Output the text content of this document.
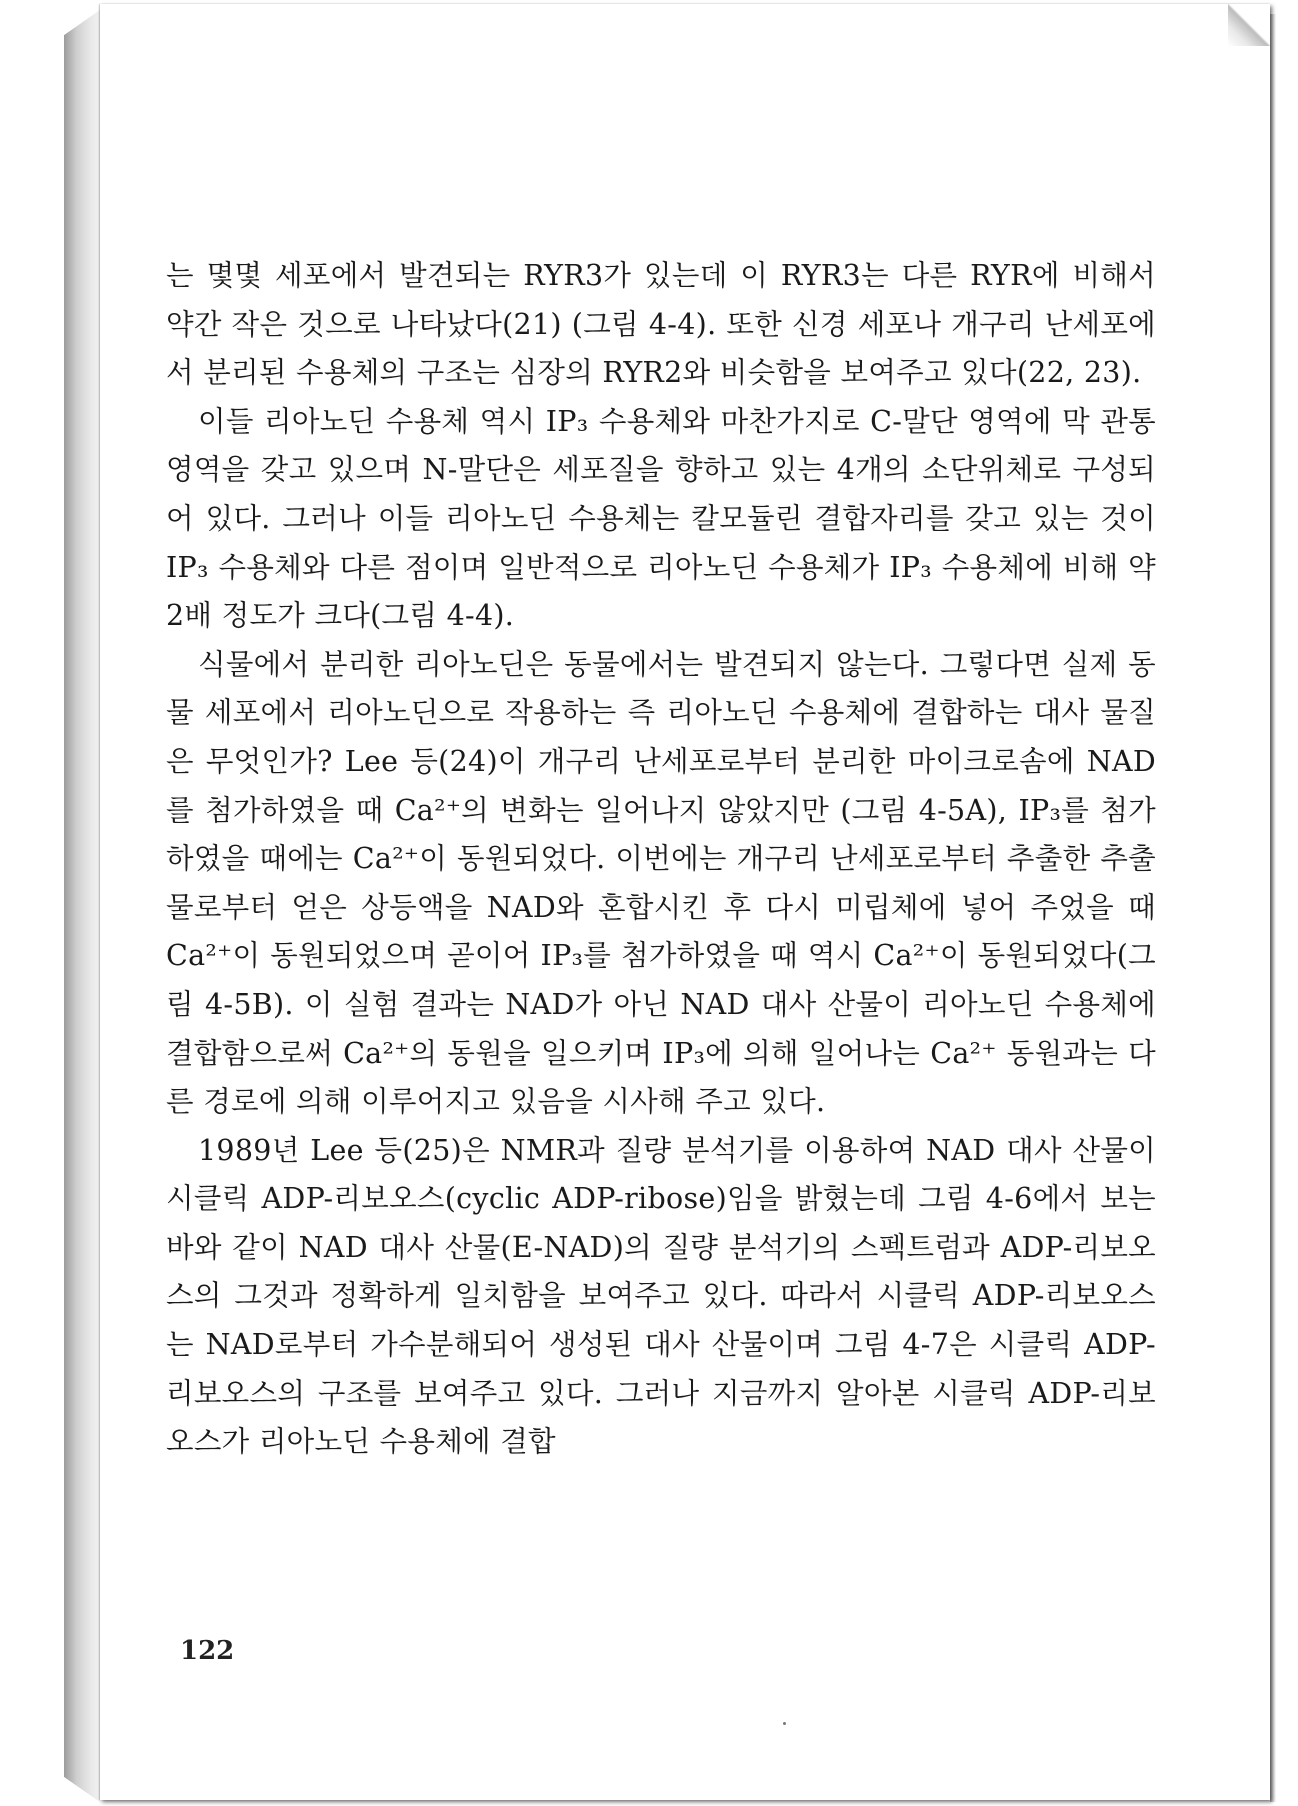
는 몇몇 세포에서 발견되는 RYR3가 있는데 이 RYR3는 다른 RYR에 비해서 약간 작은 것으로 나타났다(21) (그림 4-4). 또한 신경 세포나 개구리 난세포에서 분리된 수용체의 구조는 심장의 RYR2와 비슷함을 보여주고 있다(22, 23).

이들 리아노딘 수용체 역시 IP₃ 수용체와 마찬가지로 C-말단 영역에 막 관통 영역을 갖고 있으며 N-말단은 세포질을 향하고 있는 4개의 소단위체로 구성되어 있다. 그러나 이들 리아노딘 수용체는 칼모듈린 결합자리를 갖고 있는 것이 IP₃ 수용체와 다른 점이며 일반적으로 리아노딘 수용체가 IP₃ 수용체에 비해 약 2배 정도가 크다(그림 4-4).

식물에서 분리한 리아노딘은 동물에서는 발견되지 않는다. 그렇다면 실제 동물 세포에서 리아노딘으로 작용하는 즉 리아노딘 수용체에 결합하는 대사 물질은 무엇인가? Lee 등(24)이 개구리 난세포로부터 분리한 마이크로솜에 NAD를 첨가하였을 때 Ca²⁺의 변화는 일어나지 않았지만 (그림 4-5A), IP₃를 첨가하였을 때에는 Ca²⁺이 동원되었다. 이번에는 개구리 난세포로부터 추출한 추출물로부터 얻은 상등액을 NAD와 혼합시킨 후 다시 미립체에 넣어 주었을 때 Ca²⁺이 동원되었으며 곧이어 IP₃를 첨가하였을 때 역시 Ca²⁺이 동원되었다(그림 4-5B). 이 실험 결과는 NAD가 아닌 NAD 대사 산물이 리아노딘 수용체에 결합함으로써 Ca²⁺의 동원을 일으키며 IP₃에 의해 일어나는 Ca²⁺ 동원과는 다른 경로에 의해 이루어지고 있음을 시사해 주고 있다.

1989년 Lee 등(25)은 NMR과 질량 분석기를 이용하여 NAD 대사 산물이 시클릭 ADP-리보오스(cyclic ADP-ribose)임을 밝혔는데 그림 4-6에서 보는 바와 같이 NAD 대사 산물(E-NAD)의 질량 분석기의 스펙트럼과 ADP-리보오스의 그것과 정확하게 일치함을 보여주고 있다. 따라서 시클릭 ADP-리보오스는 NAD로부터 가수분해되어 생성된 대사 산물이며 그림 4-7은 시클릭 ADP-리보오스의 구조를 보여주고 있다. 그러나 지금까지 알아본 시클릭 ADP-리보오스가 리아노딘 수용체에 결합

122
